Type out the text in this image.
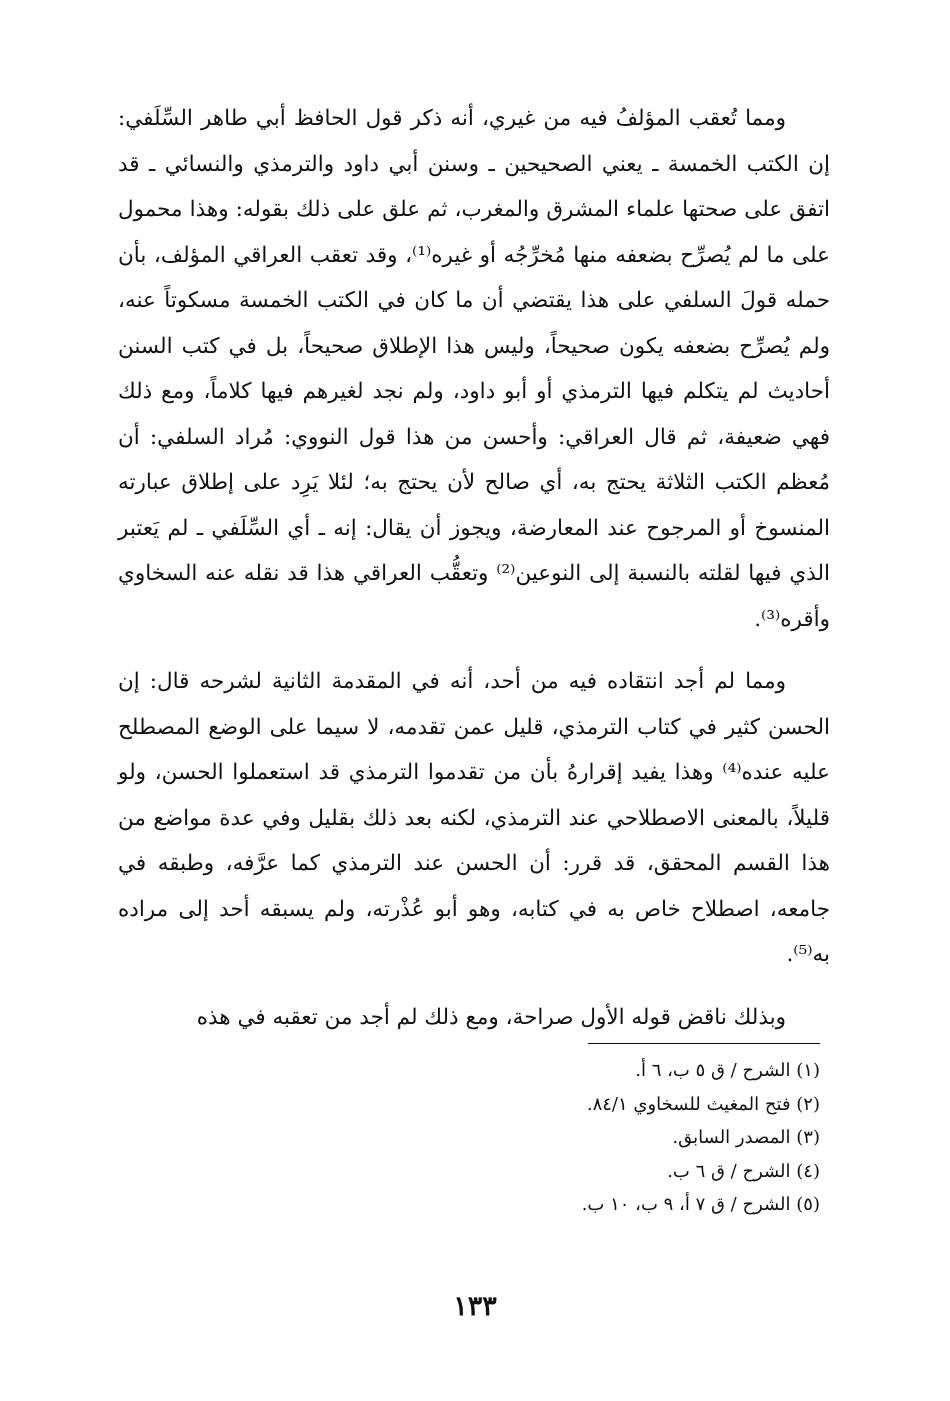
ومما تُعقب المؤلفُ فيه من غيري، أنه ذكر قول الحافظ أبي طاهر السِّلَفي: إن الكتب الخمسة ـ يعني الصحيحين ـ وسنن أبي داود والترمذي والنسائي ـ قد اتفق على صحتها علماء المشرق والمغرب، ثم علق على ذلك بقوله: وهذا محمول على ما لم يُصرِّح بضعفه منها مُخرِّجُه أو غيره⁽¹⁾، وقد تعقب العراقي المؤلف، بأن حمله قولَ السلفي على هذا يقتضي أن ما كان في الكتب الخمسة مسكوتاً عنه، ولم يُصرِّح بضعفه يكون صحيحاً، وليس هذا الإطلاق صحيحاً، بل في كتب السنن أحاديث لم يتكلم فيها الترمذي أو أبو داود، ولم نجد لغيرهم فيها كلاماً، ومع ذلك فهي ضعيفة، ثم قال العراقي: وأحسن من هذا قول النووي: مُراد السلفي: أن مُعظم الكتب الثلاثة يحتج به، أي صالح لأن يحتج به؛ لئلا يَرِد على إطلاق عبارته المنسوخ أو المرجوح عند المعارضة، ويجوز أن يقال: إنه ـ أي السِّلَفي ـ لم يَعتبر الذي فيها لقلته بالنسبة إلى النوعين⁽²⁾ وتعقُّب العراقي هذا قد نقله عنه السخاوي وأقره⁽³⁾.

ومما لم أجد انتقاده فيه من أحد، أنه في المقدمة الثانية لشرحه قال: إن الحسن كثير في كتاب الترمذي، قليل عمن تقدمه، لا سيما على الوضع المصطلح عليه عنده⁽⁴⁾ وهذا يفيد إقرارهُ بأن من تقدموا الترمذي قد استعملوا الحسن، ولو قليلاً، بالمعنى الاصطلاحي عند الترمذي، لكنه بعد ذلك بقليل وفي عدة مواضع من هذا القسم المحقق، قد قرر: أن الحسن عند الترمذي كما عرَّفه، وطبقه في جامعه، اصطلاح خاص به في كتابه، وهو أبو عُذْرته، ولم يسبقه أحد إلى مراده به⁽⁵⁾.

وبذلك ناقض قوله الأول صراحة، ومع ذلك لم أجد من تعقبه في هذه

(١) الشرح / ق ٥ ب، ٦ أ.
(٢) فتح المغيث للسخاوي ٨٤/١.
(٣) المصدر السابق.
(٤) الشرح / ق ٦ ب.
(٥) الشرح / ق ٧ أ، ٩ ب، ١٠ ب.
١٣٣
